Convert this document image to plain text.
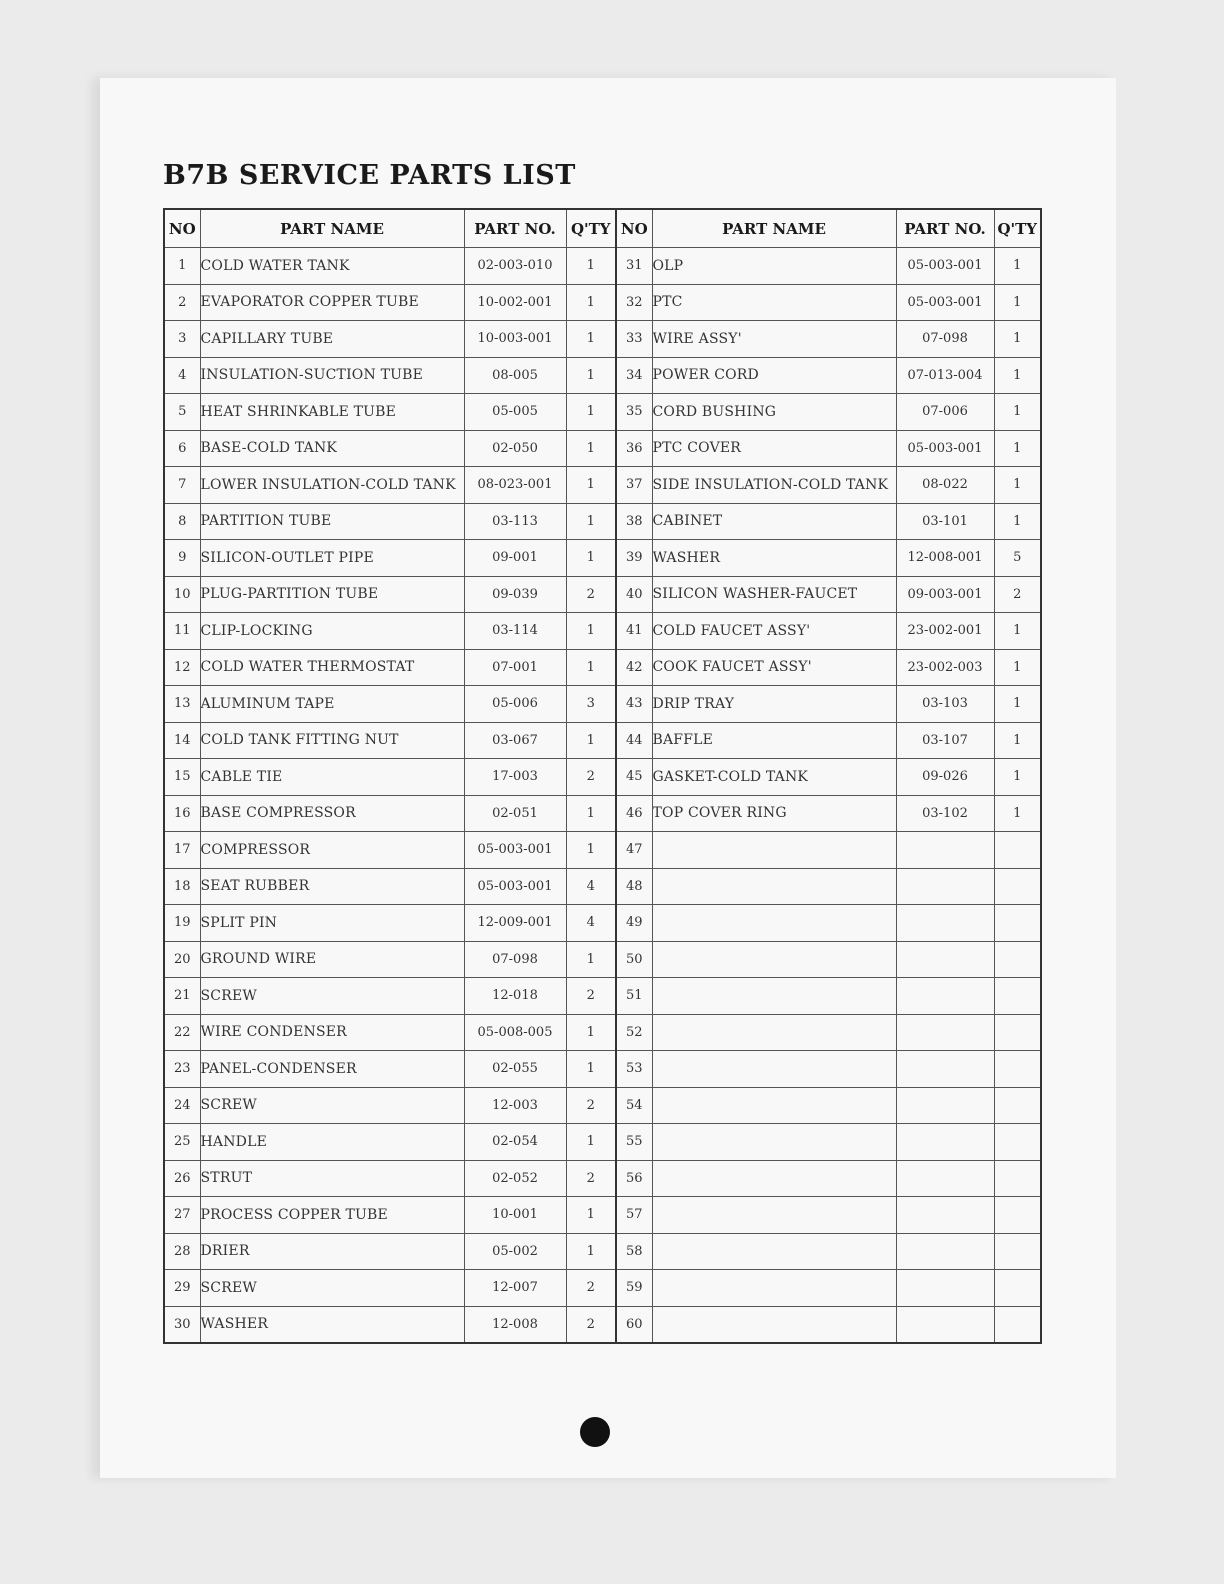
B7B SERVICE PARTS LIST
NO	PART NAME	PART NO.	Q'TY	NO	PART NAME	PART NO.	Q'TY
1	COLD WATER TANK	02-003-010	1	31	OLP	05-003-001	1
2	EVAPORATOR COPPER TUBE	10-002-001	1	32	PTC	05-003-001	1
3	CAPILLARY TUBE	10-003-001	1	33	WIRE ASSY'	07-098	1
4	INSULATION-SUCTION TUBE	08-005	1	34	POWER CORD	07-013-004	1
5	HEAT SHRINKABLE TUBE	05-005	1	35	CORD BUSHING	07-006	1
6	BASE-COLD TANK	02-050	1	36	PTC COVER	05-003-001	1
7	LOWER INSULATION-COLD TANK	08-023-001	1	37	SIDE INSULATION-COLD TANK	08-022	1
8	PARTITION TUBE	03-113	1	38	CABINET	03-101	1
9	SILICON-OUTLET PIPE	09-001	1	39	WASHER	12-008-001	5
10	PLUG-PARTITION TUBE	09-039	2	40	SILICON WASHER-FAUCET	09-003-001	2
11	CLIP-LOCKING	03-114	1	41	COLD FAUCET ASSY'	23-002-001	1
12	COLD WATER THERMOSTAT	07-001	1	42	COOK FAUCET ASSY'	23-002-003	1
13	ALUMINUM TAPE	05-006	3	43	DRIP TRAY	03-103	1
14	COLD TANK FITTING NUT	03-067	1	44	BAFFLE	03-107	1
15	CABLE TIE	17-003	2	45	GASKET-COLD TANK	09-026	1
16	BASE COMPRESSOR	02-051	1	46	TOP COVER RING	03-102	1
17	COMPRESSOR	05-003-001	1	47			
18	SEAT RUBBER	05-003-001	4	48			
19	SPLIT PIN	12-009-001	4	49			
20	GROUND WIRE	07-098	1	50			
21	SCREW	12-018	2	51			
22	WIRE CONDENSER	05-008-005	1	52			
23	PANEL-CONDENSER	02-055	1	53			
24	SCREW	12-003	2	54			
25	HANDLE	02-054	1	55			
26	STRUT	02-052	2	56			
27	PROCESS COPPER TUBE	10-001	1	57			
28	DRIER	05-002	1	58			
29	SCREW	12-007	2	59			
30	WASHER	12-008	2	60			
